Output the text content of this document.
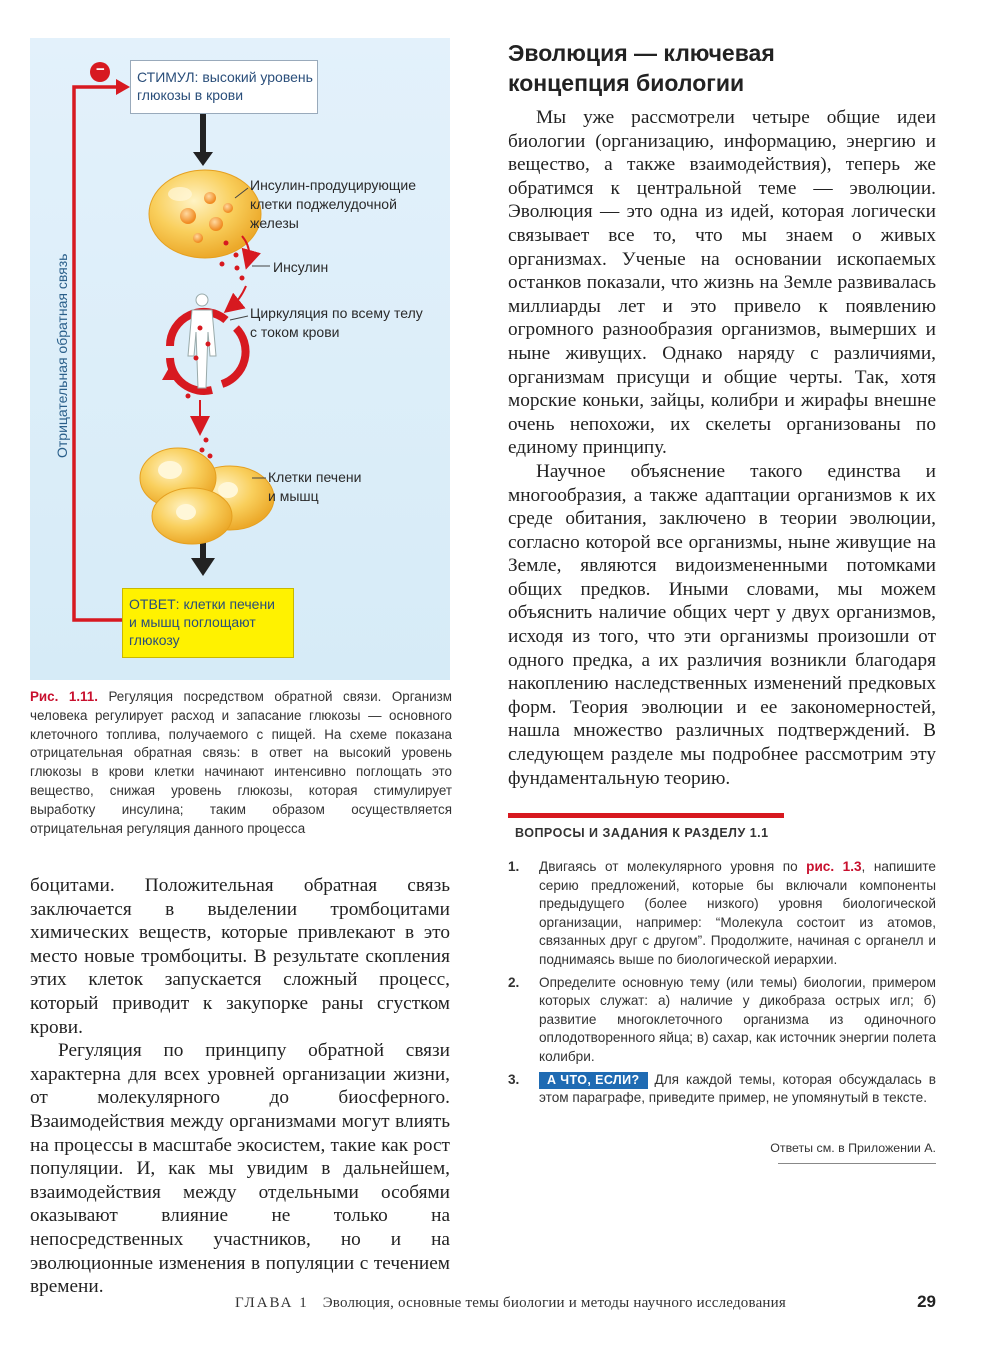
Отрицательная обратная связь
− СТИМУЛ: высокий уровень
глюкозы в крови
Инсулин-продуцирующие
клетки поджелудочной
железы
Инсулин
Циркуляция по всему телу
с током крови
Клетки печени
и мышц
ОТВЕТ: клетки печени
и мышц поглощают
глюкозу

Рис. 1.11. Регуляция посредством обратной связи. Организм человека регулирует расход и запасание глюкозы — основного клеточного топлива, получаемого с пищей. На схеме показана отрицательная обратная связь: в ответ на высокий уровень глюкозы в крови клетки начинают интенсивно поглощать это вещество, снижая уровень глюкозы, которая стимулирует выработку инсулина; таким образом осуществляется отрицательная регуляция данного процесса

боцитами. Положительная обратная связь заключается в выделении тромбоцитами химических веществ, которые привлекают в это место новые тромбоциты. В результате скопления этих клеток запускается сложный процесс, который приводит к закупорке раны сгустком крови.

Регуляция по принципу обратной связи характерна для всех уровней организации жизни, от молекулярного до биосферного. Взаимодействия между организмами могут влиять на процессы в масштабе экосистем, такие как рост популяции. И, как мы увидим в дальнейшем, взаимодействия между отдельными особями оказывают влияние не только на непосредственных участников, но и на эволюционные изменения в популяции с течением времени.

Эволюция — ключевая
концепция биологии

Мы уже рассмотрели четыре общие идеи биологии (организацию, информацию, энергию и вещество, а также взаимодействия), теперь же обратимся к центральной теме — эволюции. Эволюция — это одна из идей, которая логически связывает все то, что мы знаем о живых организмах. Ученые на основании ископаемых останков показали, что жизнь на Земле развивалась миллиарды лет и это привело к появлению огромного разнообразия организмов, вымерших и ныне живущих. Однако наряду с различиями, организмам присущи и общие черты. Так, хотя морские коньки, зайцы, колибри и жирафы внешне очень непохожи, их скелеты организованы по единому принципу.

Научное объяснение такого единства и многообразия, а также адаптации организмов к их среде обитания, заключено в теории эволюции, согласно которой все организмы, ныне живущие на Земле, являются видоизмененными потомками общих предков. Иными словами, мы можем объяснить наличие общих черт у двух организмов, исходя из того, что эти организмы произошли от одного предка, а их различия возникли благодаря накоплению наследственных изменений предковых форм. Теория эволюции и ее закономерностей, нашла множество различных подтверждений. В следующем разделе мы подробнее рассмотрим эту фундаментальную теорию.

ВОПРОСЫ И ЗАДАНИЯ К РАЗДЕЛУ 1.1
1.	Двигаясь от молекулярного уровня по рис. 1.3, напишите серию предложений, которые бы включали компоненты предыдущего (более низкого) уровня биологической организации, например: “Молекула состоит из атомов, связанных друг с другом”. Продолжите, начиная с органелл и поднимаясь выше по биологической иерархии.
2.	Определите основную тему (или темы) биологии, примером которых служат: а) наличие у дикобраза острых игл; б) развитие многоклеточного организма из одиночного оплодотворенного яйца; в) сахар, как источник энергии полета колибри.
3.	А ЧТО, ЕСЛИ? Для каждой темы, которая обсуждалась в этом параграфе, приведите пример, не упомянутый в тексте.
Ответы см. в Приложении А.
ГЛАВА 1 Эволюция, основные темы биологии и методы научного исследования	29
